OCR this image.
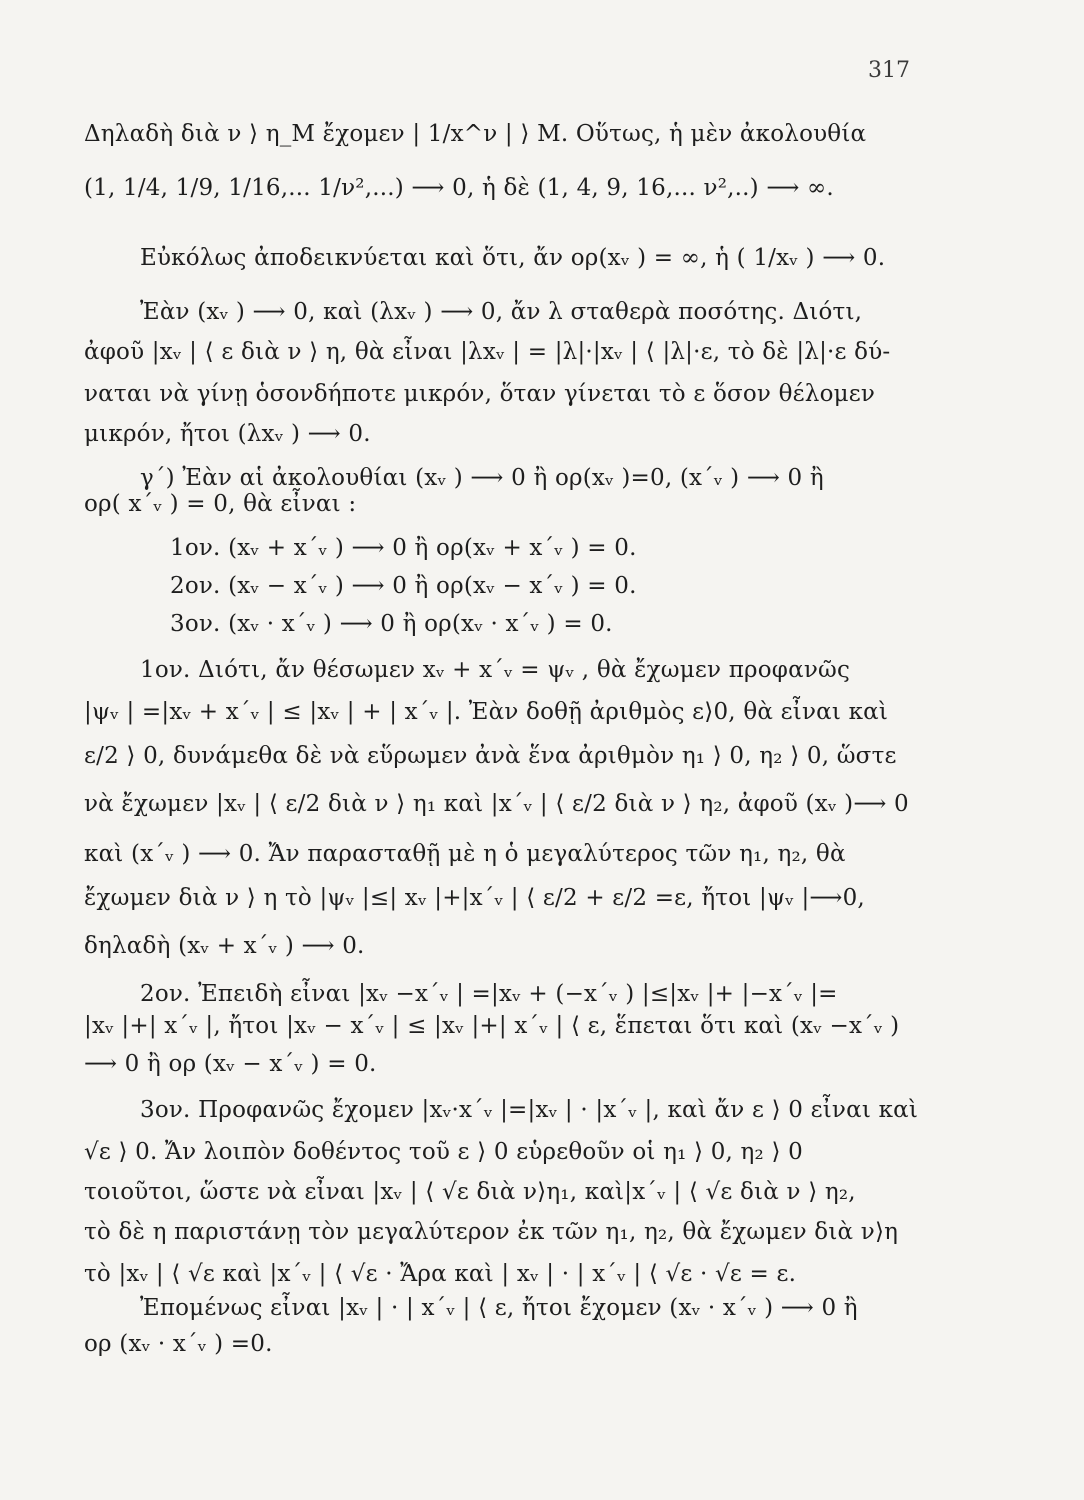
317
Δηλαδὴ διὰ ν ⟩ η_M ἔχομεν | 1/x^ν | ⟩ M. Οὕτως, ἡ μὲν ἀκολουθία
(1, 1/4, 1/9, 1/16,... 1/ν²,...) ⟶ 0, ἡ δὲ (1, 4, 9, 16,... ν²,..) ⟶ ∞.
Εὐκόλως ἀποδεικνύεται καὶ ὅτι, ἄν ορ(xᵥ ) = ∞, ἡ ( 1/xᵥ ) ⟶ 0.
Ἐὰν (xᵥ ) ⟶ 0, καὶ (λxᵥ ) ⟶ 0, ἄν λ σταθερὰ ποσότης. Διότι,
ἀφοῦ |xᵥ | ⟨ ε διὰ ν ⟩ η, θὰ εἶναι |λxᵥ | = |λ|·|xᵥ | ⟨ |λ|·ε, τὸ δὲ |λ|·ε δύ-
ναται νὰ γίνῃ ὁσονδήποτε μικρόν, ὅταν γίνεται τὸ ε ὅσον θέλομεν
μικρόν, ἤτοι (λxᵥ ) ⟶ 0.
γ΄) Ἐὰν αἱ ἀκολουθίαι (xᵥ ) ⟶ 0 ἢ ορ(xᵥ )=0, (x΄ᵥ ) ⟶ 0 ἢ
ορ( x΄ᵥ ) = 0, θὰ εἶναι :
1ον. (xᵥ + x΄ᵥ ) ⟶ 0 ἢ ορ(xᵥ + x΄ᵥ ) = 0.
2ον. (xᵥ − x΄ᵥ ) ⟶ 0 ἢ ορ(xᵥ − x΄ᵥ ) = 0.
3ον. (xᵥ · x΄ᵥ ) ⟶ 0 ἢ ορ(xᵥ · x΄ᵥ ) = 0.
1ον. Διότι, ἄν θέσωμεν xᵥ + x΄ᵥ = ψᵥ , θὰ ἔχωμεν προφανῶς
|ψᵥ | =|xᵥ + x΄ᵥ | ≤ |xᵥ | + | x΄ᵥ |. Ἐὰν δοθῇ ἀριθμὸς ε⟩0, θὰ εἶναι καὶ
ε/2 ⟩ 0, δυνάμεθα δὲ νὰ εὕρωμεν ἀνὰ ἕνα ἀριθμὸν η₁ ⟩ 0, η₂ ⟩ 0, ὥστε
νὰ ἔχωμεν |xᵥ | ⟨ ε/2 διὰ ν ⟩ η₁ καὶ |x΄ᵥ | ⟨ ε/2 διὰ ν ⟩ η₂, ἀφοῦ (xᵥ )⟶ 0
καὶ (x΄ᵥ ) ⟶ 0. Ἄν παρασταθῇ μὲ η ὁ μεγαλύτερος τῶν η₁, η₂, θὰ
ἔχωμεν διὰ ν ⟩ η τὸ |ψᵥ |≤| xᵥ |+|x΄ᵥ | ⟨ ε/2 + ε/2 =ε, ἤτοι |ψᵥ |⟶0,
δηλαδὴ (xᵥ + x΄ᵥ ) ⟶ 0.
2ον. Ἐπειδὴ εἶναι |xᵥ −x΄ᵥ | =|xᵥ + (−x΄ᵥ ) |≤|xᵥ |+ |−x΄ᵥ |=
|xᵥ |+| x΄ᵥ |, ἤτοι |xᵥ − x΄ᵥ | ≤ |xᵥ |+| x΄ᵥ | ⟨ ε, ἕπεται ὅτι καὶ (xᵥ −x΄ᵥ )
⟶ 0 ἢ ορ (xᵥ − x΄ᵥ ) = 0.
3ον. Προφανῶς ἔχομεν |xᵥ·x΄ᵥ |=|xᵥ | · |x΄ᵥ |, καὶ ἄν ε ⟩ 0 εἶναι καὶ
√ε ⟩ 0. Ἄν λοιπὸν δοθέντος τοῦ ε ⟩ 0 εὑρεθοῦν οἱ η₁ ⟩ 0, η₂ ⟩ 0
τοιοῦτοι, ὥστε νὰ εἶναι |xᵥ | ⟨ √ε διὰ ν⟩η₁, καὶ|x΄ᵥ | ⟨ √ε διὰ ν ⟩ η₂,
τὸ δὲ η παριστάνῃ τὸν μεγαλύτερον ἐκ τῶν η₁, η₂, θὰ ἔχωμεν διὰ ν⟩η
τὸ |xᵥ | ⟨ √ε καὶ |x΄ᵥ | ⟨ √ε · Ἄρα καὶ | xᵥ | · | x΄ᵥ | ⟨ √ε · √ε = ε.
Ἐπομένως εἶναι |xᵥ | · | x΄ᵥ | ⟨ ε, ἤτοι ἔχομεν (xᵥ · x΄ᵥ ) ⟶ 0 ἢ
ορ (xᵥ · x΄ᵥ ) =0.
